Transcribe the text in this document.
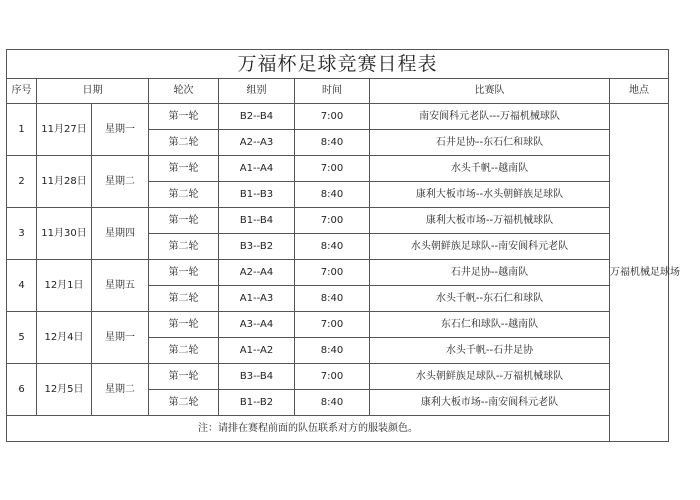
万福杯足球竞赛日程表							
序号	日期		轮次	组别	时间	比赛队	地点
1	11月27日	星期一	第一轮	B2--B4	7:00	南安阆科元老队---万福机械球队	万福机械足球场
			第二轮	A2--A3	8:40	石井足协--东石仁和球队	
2	11月28日	星期二	第一轮	A1--A4	7:00	水头千帆--越南队	
			第二轮	B1--B3	8:40	康利大板市场--水头朝鲜族足球队	
3	11月30日	星期四	第一轮	B1--B4	7:00	康利大板市场--万福机械球队	
			第二轮	B3--B2	8:40	水头朝鲜族足球队--南安阆科元老队	
4	12月1日	星期五	第一轮	A2--A4	7:00	石井足协--越南队	
			第二轮	A1--A3	8:40	水头千帆--东石仁和球队	
5	12月4日	星期一	第一轮	A3--A4	7:00	东石仁和球队--越南队	
			第二轮	A1--A2	8:40	水头千帆--石井足协	
6	12月5日	星期二	第一轮	B3--B4	7:00	水头朝鲜族足球队--万福机械球队	
			第二轮	B1--B2	8:40	康利大板市场--南安阆科元老队	
注：请排在赛程前面的队伍联系对方的服装颜色。							
